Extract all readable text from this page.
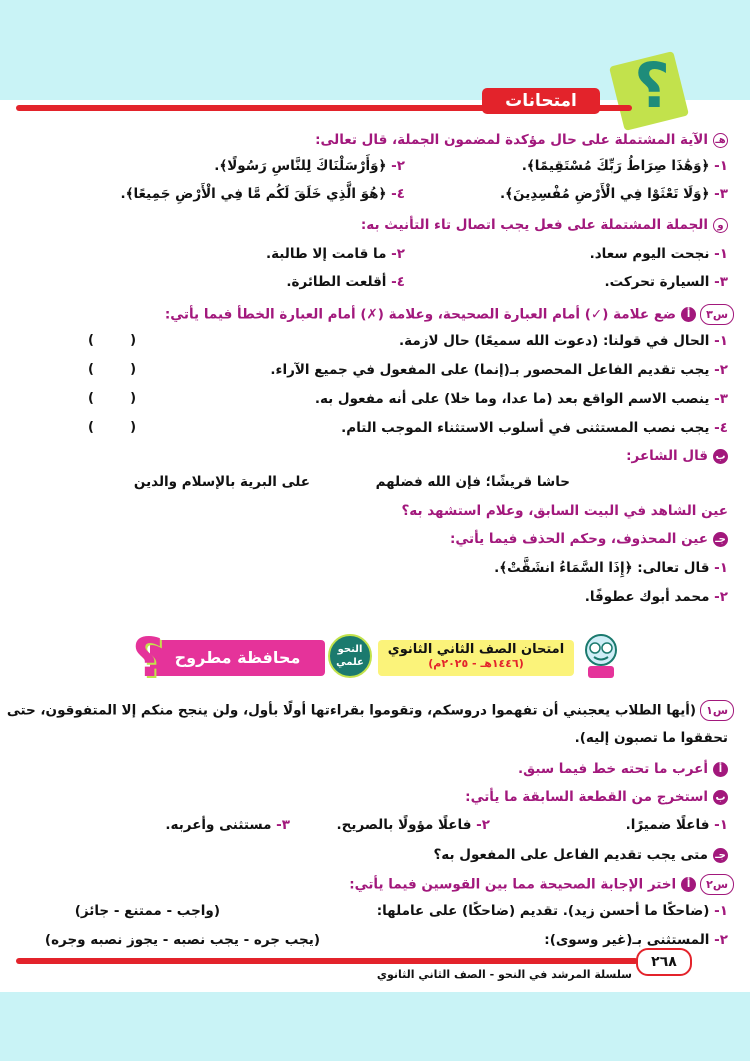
؟
امتحانات
هـالآية المشتملة على حال مؤكدة لمضمون الجملة، قال تعالى:
١- ﴿وَهَٰذَا صِرَاطُ رَبِّكَ مُسْتَقِيمًا﴾.
٢- ﴿وَأَرْسَلْنَاكَ لِلنَّاسِ رَسُولًا﴾.
٣- ﴿وَلَا تَعْثَوْا فِي الْأَرْضِ مُفْسِدِينَ﴾.
٤- ﴿هُوَ الَّذِي خَلَقَ لَكُم مَّا فِي الْأَرْضِ جَمِيعًا﴾.
والجملة المشتملة على فعل يجب اتصال تاء التأنيث به:
١- نجحت اليوم سعاد.
٢- ما قامت إلا طالبة.
٣- السيارة تحركت.
٤- أقلعت الطائرة.
س٣أضع علامة (✓) أمام العبارة الصحيحة، وعلامة (✗) أمام العبارة الخطأ فيما يأتي:
١- الحال في قولنا: (دعوت الله سميعًا) حال لازمة.
(        )
٢- يجب تقديم الفاعل المحصور بـ(إنما) على المفعول في جميع الآراء.
(        )
٣- ينصب الاسم الواقع بعد (ما عدا، وما خلا) على أنه مفعول به.
(        )
٤- يجب نصب المستثنى في أسلوب الاستثناء الموجب التام.
(        )
بقال الشاعر:
حاشا قريشًا؛ فإن الله فضلهم
على البرية بالإسلام والدين
عين الشاهد في البيت السابق، وعلام استشهد به؟
جـعين المحذوف، وحكم الحذف فيما يأتي:
١- قال تعالى: ﴿إِذَا السَّمَاءُ انشَقَّتْ﴾.
٢- محمد أبوك عطوفًا.
محافظة مطروح
؟	النحو
علمي
امتحان الصف الثاني الثانوي
(١٤٤٦هـ - ٢٠٢٥م)
س١(أيها الطلاب يعجبني أن تفهموا دروسكم، وتقوموا بقراءتها أولًا بأول، ولن ينجح منكم إلا المتفوقون، حتى
تحققوا ما تصبون إليه).
أأعرب ما تحته خط فيما سبق.
باستخرج من القطعة السابقة ما يأتي:
١- فاعلًا ضميرًا.
٢- فاعلًا مؤولًا بالصريح.
٣- مستثنى وأعربه.
جـمتى يجب تقديم الفاعل على المفعول به؟
س٢أاختر الإجابة الصحيحة مما بين القوسين فيما يأتي:
١- (ضاحكًا ما أحسن زيد). تقديم (ضاحكًا) على عاملها:
(واجب - ممتنع - جائز)
٢- المستثنى بـ(غير وسوى):
(يجب جره - يجب نصبه - يجوز نصبه وجره)
٢٦٨
سلسلة المرشد في النحو - الصف الثاني الثانوي
